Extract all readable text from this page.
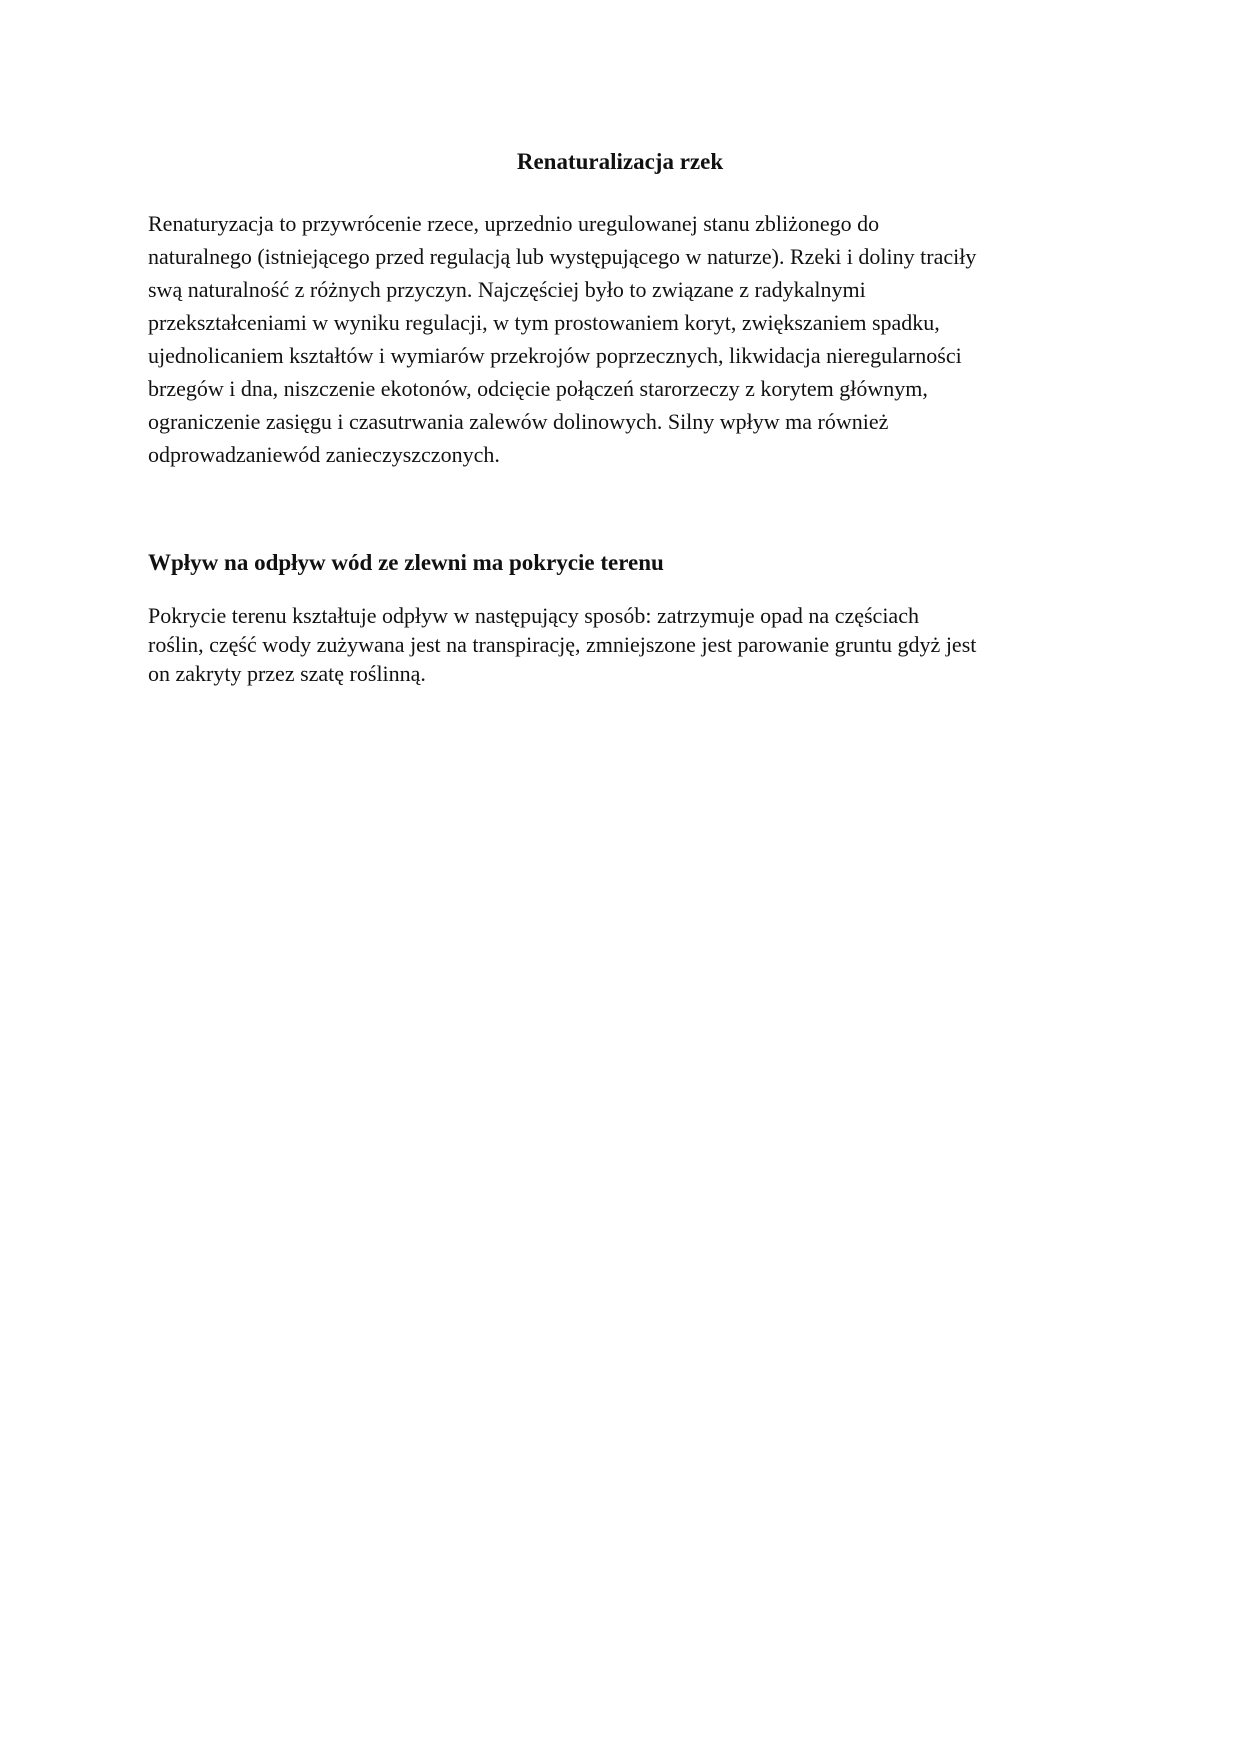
Renaturalizacja rzek

Renaturyzacja to przywrócenie rzece, uprzednio uregulowanej stanu zbliżonego do
naturalnego (istniejącego przed regulacją lub występującego w naturze). Rzeki i doliny traciły
swą naturalność z różnych przyczyn. Najczęściej było to związane z radykalnymi
przekształceniami w wyniku regulacji, w tym prostowaniem koryt, zwiększaniem spadku,
ujednolicaniem kształtów i wymiarów przekrojów poprzecznych, likwidacja nieregularności
brzegów i dna, niszczenie ekotonów, odcięcie połączeń starorzeczy z korytem głównym,
ograniczenie zasięgu i czasutrwania zalewów dolinowych. Silny wpływ ma również
odprowadzaniewód zanieczyszczonych.

Wpływ na odpływ wód ze zlewni ma pokrycie terenu

Pokrycie terenu kształtuje odpływ w następujący sposób: zatrzymuje opad na częściach
roślin, część wody zużywana jest na transpirację, zmniejszone jest parowanie gruntu gdyż jest
on zakryty przez szatę roślinną.
